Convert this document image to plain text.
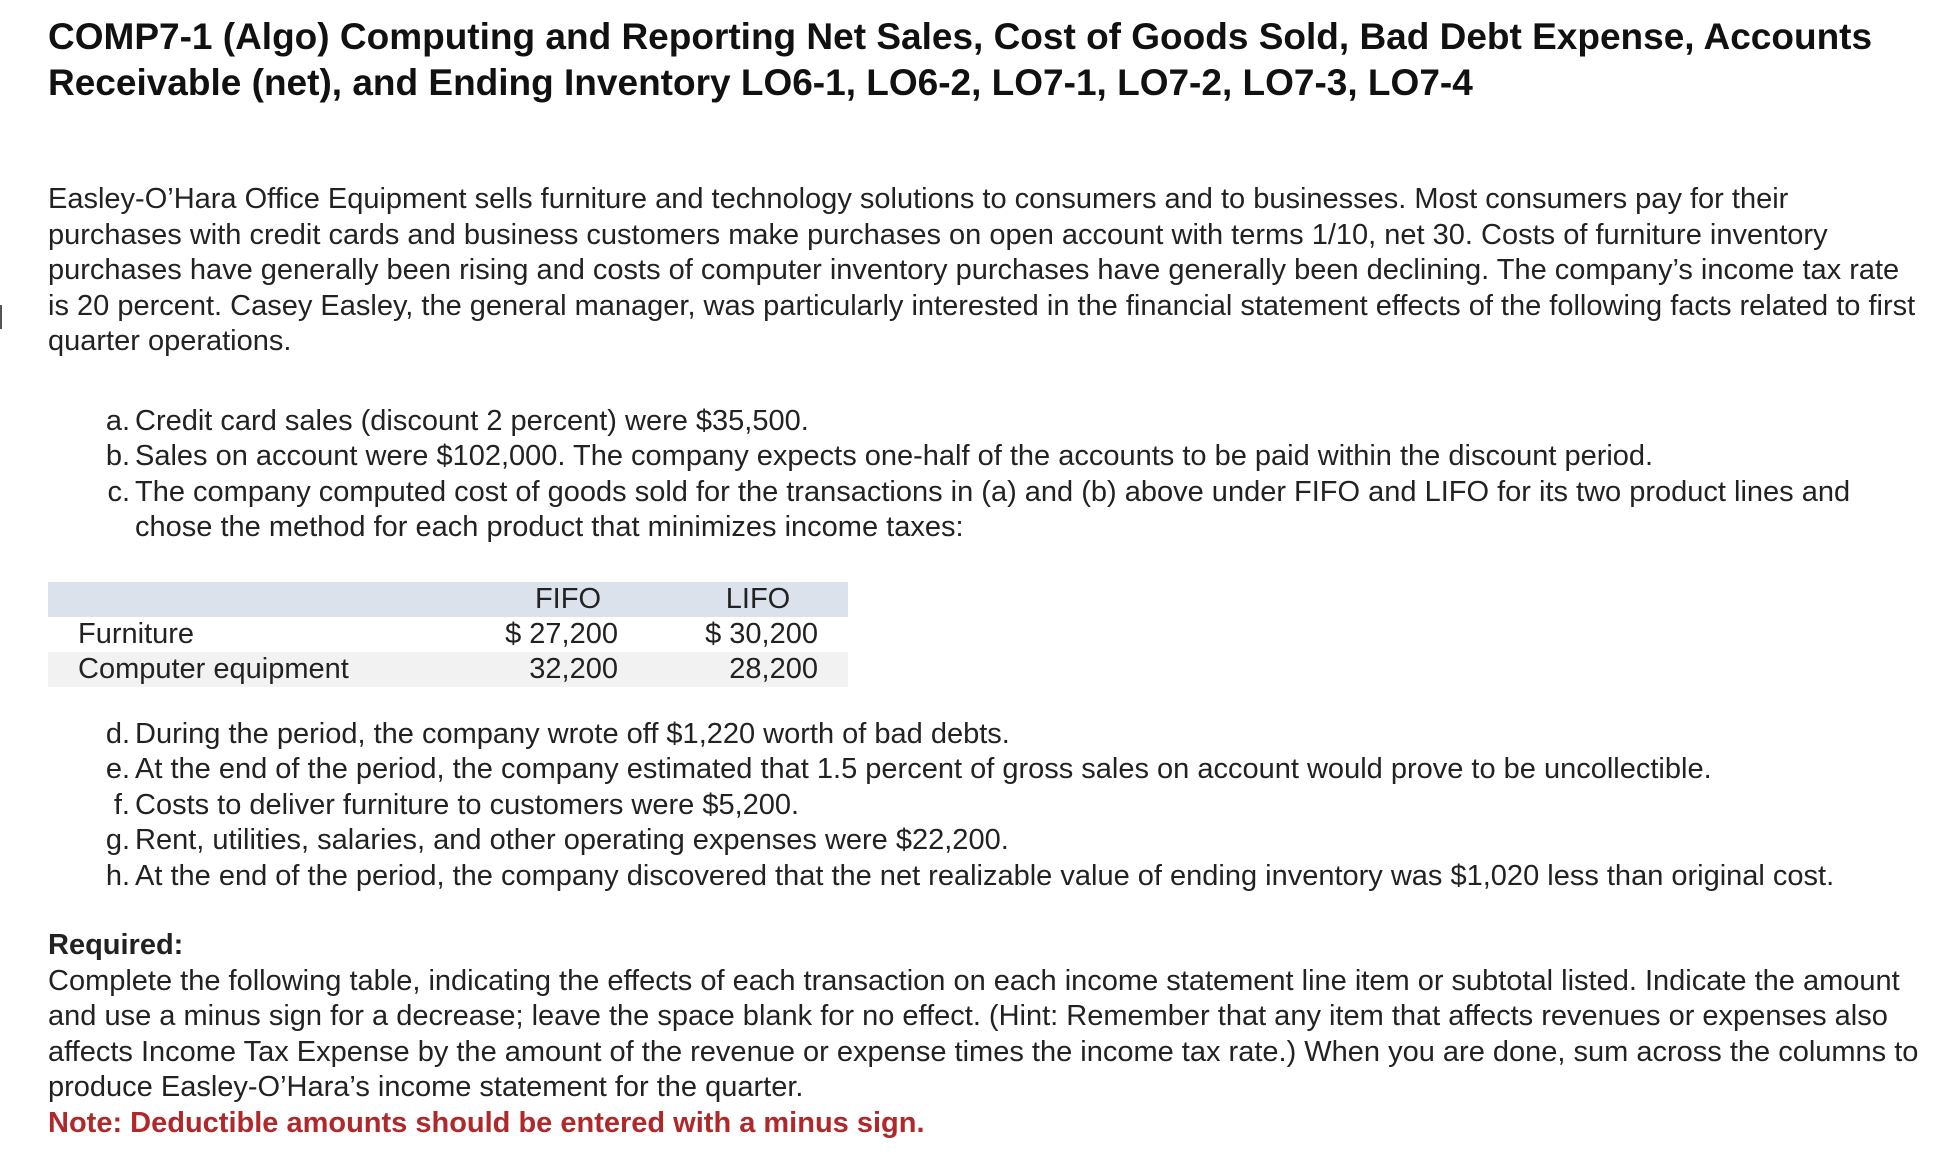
COMP7-1 (Algo) Computing and Reporting Net Sales, Cost of Goods Sold, Bad Debt Expense, Accounts Receivable (net), and Ending Inventory LO6-1, LO6-2, LO7-1, LO7-2, LO7-3, LO7-4

Easley-O’Hara Office Equipment sells furniture and technology solutions to consumers and to businesses. Most consumers pay for their purchases with credit cards and business customers make purchases on open account with terms 1/10, net 30. Costs of furniture inventory purchases have generally been rising and costs of computer inventory purchases have generally been declining. The company’s income tax rate is 20 percent. Casey Easley, the general manager, was particularly interested in the financial statement effects of the following facts related to first quarter operations.

a. Credit card sales (discount 2 percent) were $35,500.
b. Sales on account were $102,000. The company expects one-half of the accounts to be paid within the discount period.
c. The company computed cost of goods sold for the transactions in (a) and (b) above under FIFO and LIFO for its two product lines and chose the method for each product that minimizes income taxes:
	FIFO	LIFO
Furniture	$ 27,200	$ 30,200
Computer equipment	32,200	28,200
d. During the period, the company wrote off $1,220 worth of bad debts.
e. At the end of the period, the company estimated that 1.5 percent of gross sales on account would prove to be uncollectible.
f. Costs to deliver furniture to customers were $5,200.
g. Rent, utilities, salaries, and other operating expenses were $22,200.
h. At the end of the period, the company discovered that the net realizable value of ending inventory was $1,020 less than original cost.
Required:
Complete the following table, indicating the effects of each transaction on each income statement line item or subtotal listed. Indicate the amount and use a minus sign for a decrease; leave the space blank for no effect. (Hint: Remember that any item that affects revenues or expenses also affects Income Tax Expense by the amount of the revenue or expense times the income tax rate.) When you are done, sum across the columns to produce Easley-O’Hara’s income statement for the quarter.
Note: Deductible amounts should be entered with a minus sign.
